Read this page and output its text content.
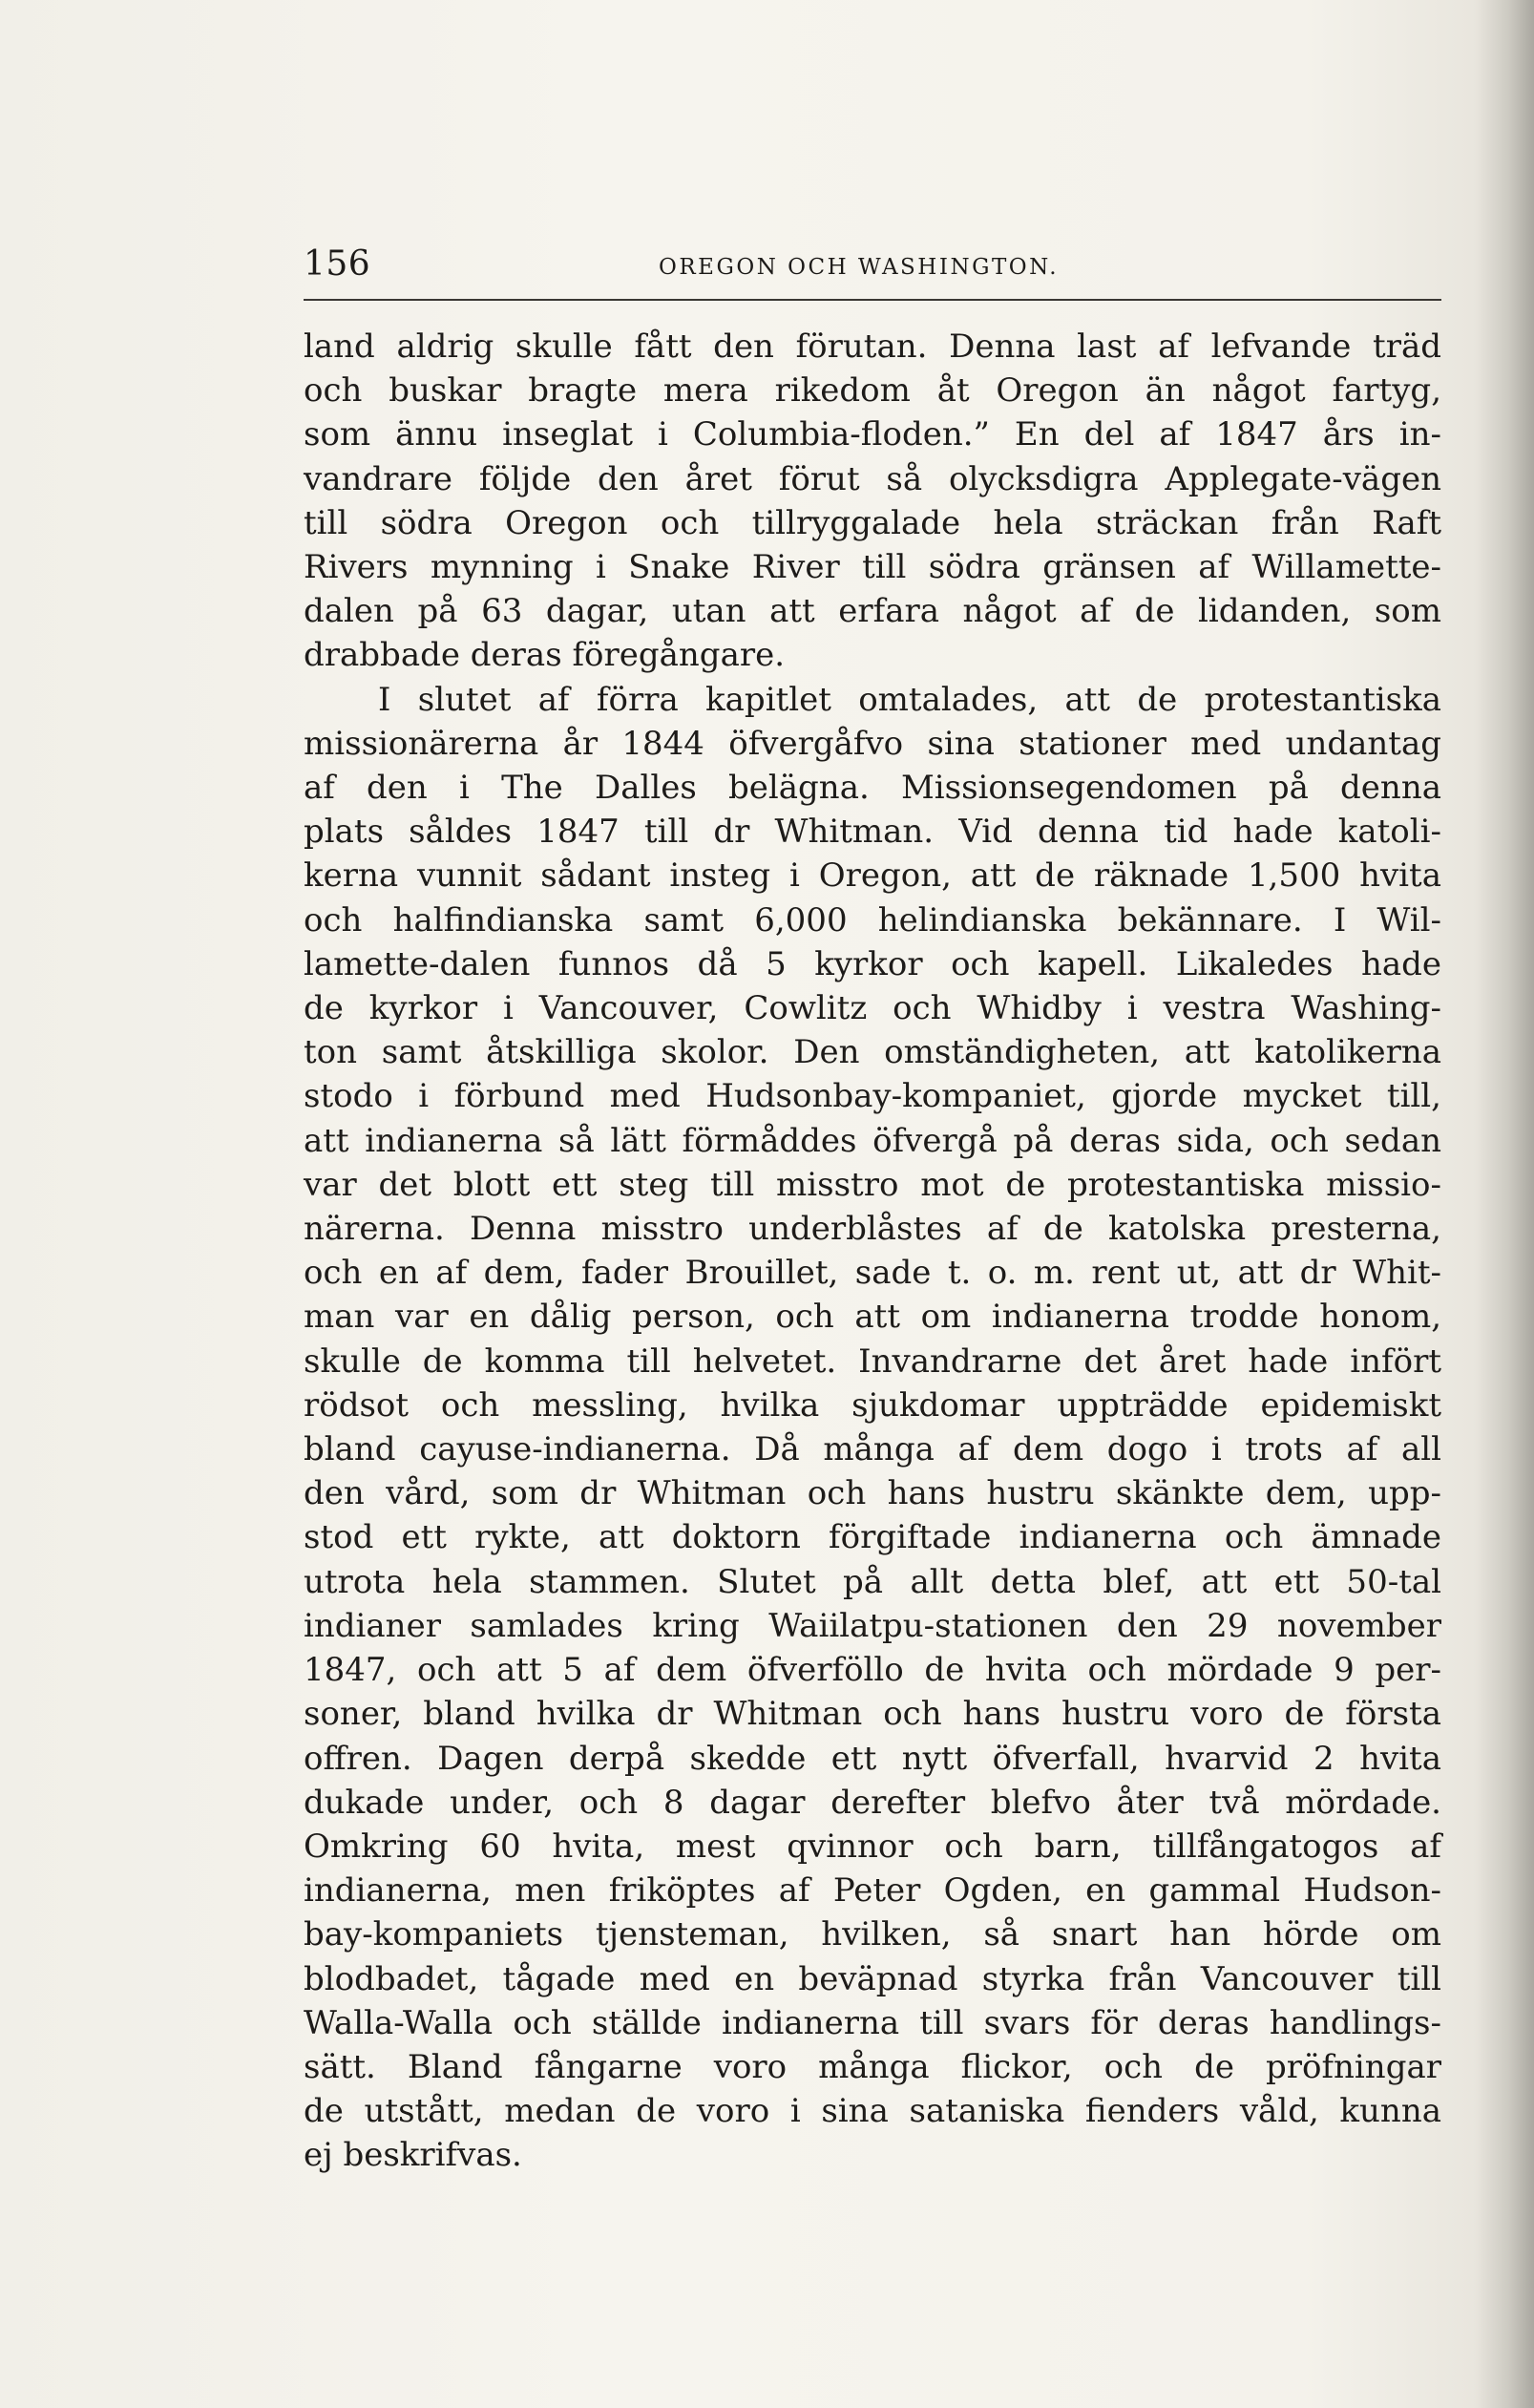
156	OREGON OCH WASHINGTON.
land aldrig skulle fått den förutan. Denna last af lefvande träd
och buskar bragte mera rikedom åt Oregon än något fartyg,
som ännu inseglat i Columbia-floden.” En del af 1847 års in-
vandrare följde den året förut så olycksdigra Applegate-vägen
till södra Oregon och tillryggalade hela sträckan från Raft
Rivers mynning i Snake River till södra gränsen af Willamette-
dalen på 63 dagar, utan att erfara något af de lidanden, som
drabbade deras föregångare.
I slutet af förra kapitlet omtalades, att de protestantiska
missionärerna år 1844 öfvergåfvo sina stationer med undantag
af den i The Dalles belägna. Missionsegendomen på denna
plats såldes 1847 till dr Whitman. Vid denna tid hade katoli-
kerna vunnit sådant insteg i Oregon, att de räknade 1,500 hvita
och halfindianska samt 6,000 helindianska bekännare. I Wil-
lamette-dalen funnos då 5 kyrkor och kapell. Likaledes hade
de kyrkor i Vancouver, Cowlitz och Whidby i vestra Washing-
ton samt åtskilliga skolor. Den omständigheten, att katolikerna
stodo i förbund med Hudsonbay-kompaniet, gjorde mycket till,
att indianerna så lätt förmåddes öfvergå på deras sida, och sedan
var det blott ett steg till misstro mot de protestantiska missio-
närerna. Denna misstro underblåstes af de katolska presterna,
och en af dem, fader Brouillet, sade t. o. m. rent ut, att dr Whit-
man var en dålig person, och att om indianerna trodde honom,
skulle de komma till helvetet. Invandrarne det året hade infört
rödsot och messling, hvilka sjukdomar uppträdde epidemiskt
bland cayuse-indianerna. Då många af dem dogo i trots af all
den vård, som dr Whitman och hans hustru skänkte dem, upp-
stod ett rykte, att doktorn förgiftade indianerna och ämnade
utrota hela stammen. Slutet på allt detta blef, att ett 50-tal
indianer samlades kring Waiilatpu-stationen den 29 november
1847, och att 5 af dem öfverföllo de hvita och mördade 9 per-
soner, bland hvilka dr Whitman och hans hustru voro de första
offren. Dagen derpå skedde ett nytt öfverfall, hvarvid 2 hvita
dukade under, och 8 dagar derefter blefvo åter två mördade.
Omkring 60 hvita, mest qvinnor och barn, tillfångatogos af
indianerna, men friköptes af Peter Ogden, en gammal Hudson-
bay-kompaniets tjensteman, hvilken, så snart han hörde om
blodbadet, tågade med en beväpnad styrka från Vancouver till
Walla-Walla och ställde indianerna till svars för deras handlings-
sätt. Bland fångarne voro många flickor, och de pröfningar
de utstått, medan de voro i sina sataniska fienders våld, kunna
ej beskrifvas.
